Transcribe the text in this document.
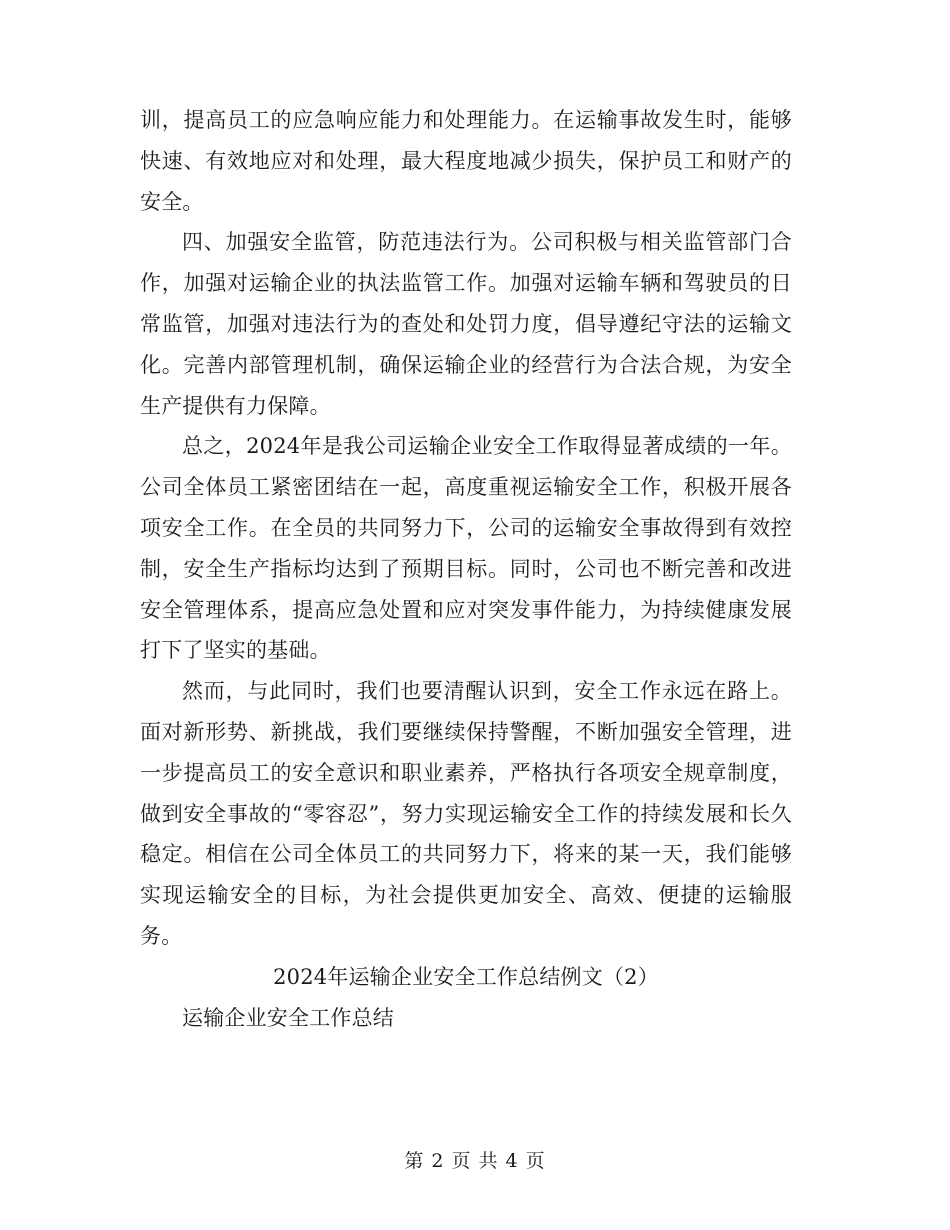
训，提高员工的应急响应能力和处理能力。在运输事故发生时，能够快速、有效地应对和处理，最大程度地减少损失，保护员工和财产的安全。

四、加强安全监管，防范违法行为。公司积极与相关监管部门合作，加强对运输企业的执法监管工作。加强对运输车辆和驾驶员的日常监管，加强对违法行为的查处和处罚力度，倡导遵纪守法的运输文化。完善内部管理机制，确保运输企业的经营行为合法合规，为安全生产提供有力保障。

总之，2024年是我公司运输企业安全工作取得显著成绩的一年。公司全体员工紧密团结在一起，高度重视运输安全工作，积极开展各项安全工作。在全员的共同努力下，公司的运输安全事故得到有效控制，安全生产指标均达到了预期目标。同时，公司也不断完善和改进安全管理体系，提高应急处置和应对突发事件能力，为持续健康发展打下了坚实的基础。

然而，与此同时，我们也要清醒认识到，安全工作永远在路上。面对新形势、新挑战，我们要继续保持警醒，不断加强安全管理，进一步提高员工的安全意识和职业素养，严格执行各项安全规章制度，做到安全事故的“零容忍”，努力实现运输安全工作的持续发展和长久稳定。相信在公司全体员工的共同努力下，将来的某一天，我们能够实现运输安全的目标，为社会提供更加安全、高效、便捷的运输服务。

2024年运输企业安全工作总结例文（2）

运输企业安全工作总结

第 2 页 共 4 页
